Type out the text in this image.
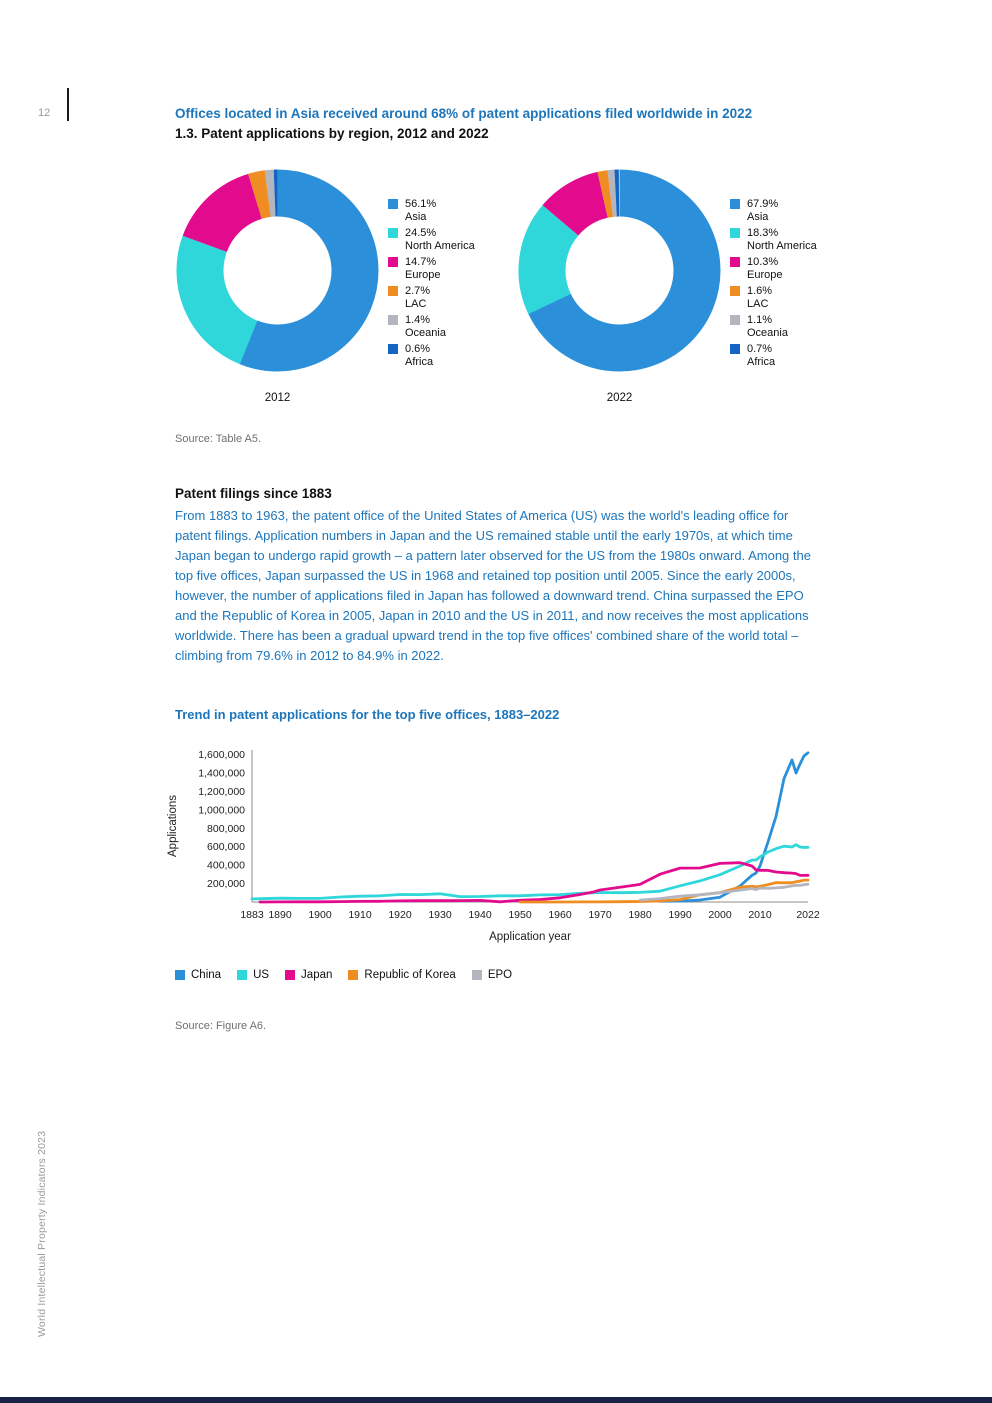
12
World Intellectual Property Indicators 2023
Offices located in Asia received around 68% of patent applications filed worldwide in 2022
1.3. Patent applications by region, 2012 and 2022
2012
56.1%
Asia
24.5%
North America
14.7%
Europe
2.7%
LAC
1.4%
Oceania
0.6%
Africa
2022
67.9%
Asia
18.3%
North America
10.3%
Europe
1.6%
LAC
1.1%
Oceania
0.7%
Africa
Source: Table A5.
Patent filings since 1883
From 1883 to 1963, the patent office of the United States of America (US) was the world's leading office for patent filings. Application numbers in Japan and the US remained stable until the early 1970s, at which time Japan began to undergo rapid growth – a pattern later observed for the US from the 1980s onward. Among the top five offices, Japan surpassed the US in 1968 and retained top position until 2005. Since the early 2000s, however, the number of applications filed in Japan has followed a downward trend. China surpassed the EPO and the Republic of Korea in 2005, Japan in 2010 and the US in 2011, and now receives the most applications worldwide. There has been a gradual upward trend in the top five offices' combined share of the world total – climbing from 79.6% in 2012 to 84.9% in 2022.
Trend in patent applications for the top five offices, 1883–2022
200,000
400,000
600,000
800,000
1,000,000
1,200,000
1,400,000
1,600,000
1883 1890 1900 1910 1920 1930 1940 1950 1960 1970 1980 1990 2000 2010 2022
Application year
Applications
China	US	Japan	Republic of Korea	EPO
Source: Figure A6.
